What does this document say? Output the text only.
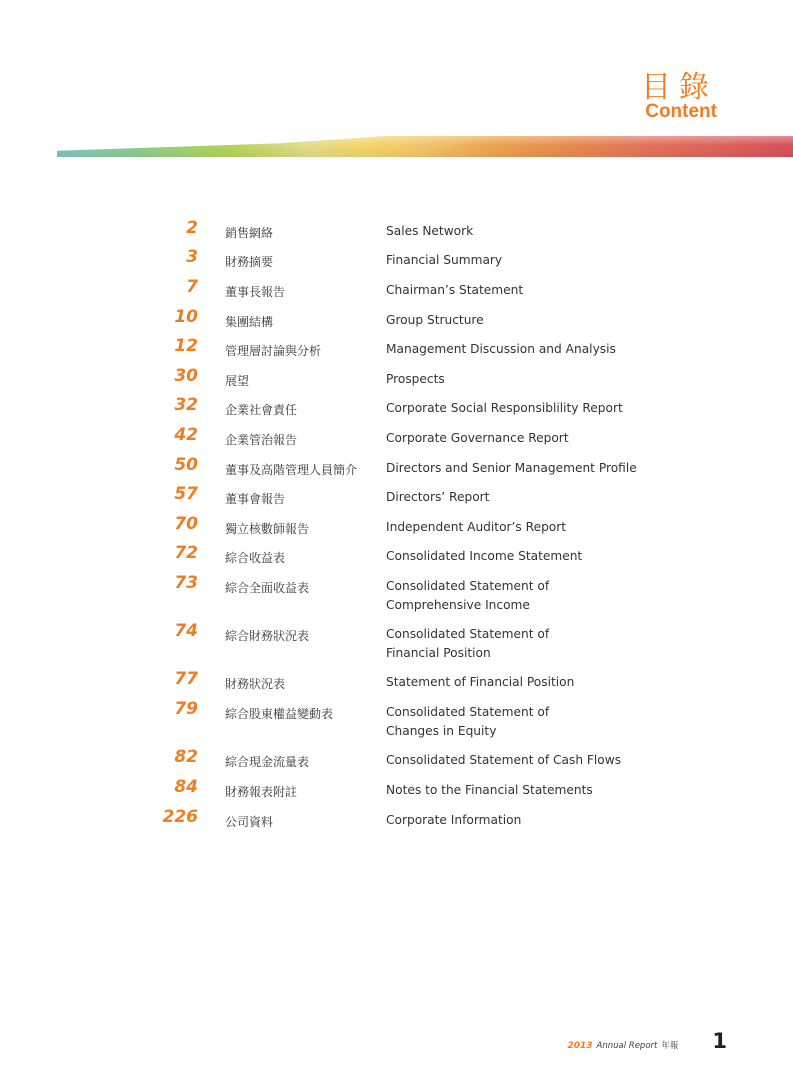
目錄
Content
2 銷售網絡	Sales Network
3 財務摘要	Financial Summary
7 董事長報告	Chairman’s Statement
10 集團結構	Group Structure
12 管理層討論與分析	Management Discussion and Analysis
30 展望	Prospects
32 企業社會責任	Corporate Social Responsiblility Report
42 企業管治報告	Corporate Governance Report
50 董事及高階管理人員簡介 Directors and Senior Management Profile
57 董事會報告	Directors’ Report
70 獨立核數師報告	Independent Auditor’s Report
72 綜合收益表	Consolidated Income Statement
73 綜合全面收益表	Consolidated Statement of
Comprehensive Income
74 綜合財務狀況表	Consolidated Statement of
Financial Position
77 財務狀況表	Statement of Financial Position
79 綜合股東權益變動表	Consolidated Statement of
Changes in Equity
82 綜合現金流量表	Consolidated Statement of Cash Flows
84 財務報表附註	Notes to the Financial Statements
226 公司資料	Corporate Information
2013 Annual Report 年報 1
